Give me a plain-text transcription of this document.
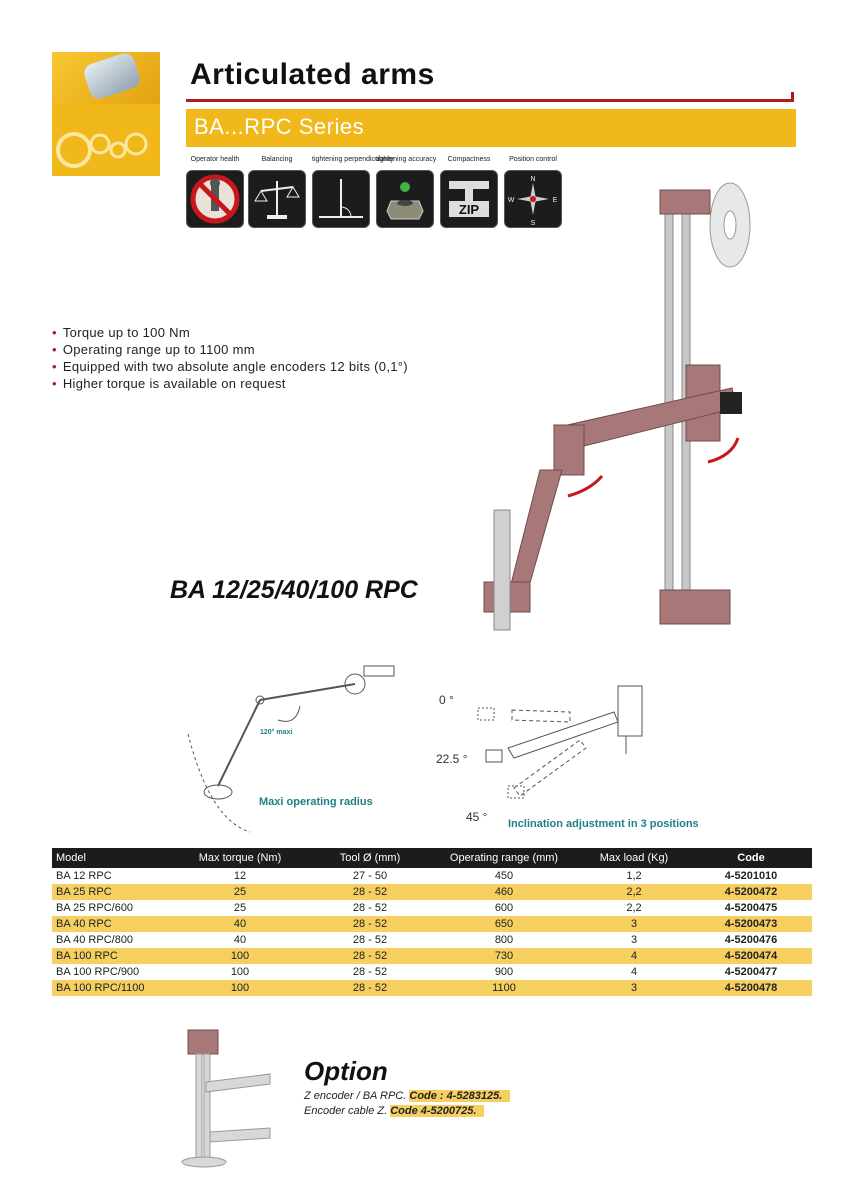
Articulated arms
BA...RPC Series
Operator health	Balancing	tightening perpendicularity
tightening accuracy	Compactness
ZIP
Position control
N
S
W	E
• Torque up to 100 Nm
• Operating range up to 1100 mm
• Equipped with two absolute angle encoders 12 bits (0,1°)
• Higher torque is available on request
BA 12/25/40/100 RPC
120° maxi
Maxi operating radius
0 °
22.5 °
45 ° Inclination adjustment in 3 positions
Model	Max torque (Nm)	Tool Ø (mm)	Operating range (mm)	Max load (Kg)	Code
BA 12 RPC	12	27 - 50	450	1,2	4-5201010
BA 25 RPC	25	28 - 52	460	2,2	4-5200472
BA 25 RPC/600	25	28 - 52	600	2,2	4-5200475
BA 40 RPC	40	28 - 52	650	3	4-5200473
BA 40 RPC/800	40	28 - 52	800	3	4-5200476
BA 100 RPC	100	28 - 52	730	4	4-5200474
BA 100 RPC/900	100	28 - 52	900	4	4-5200477
BA 100 RPC/1100	100	28 - 52	1100	3	4-5200478
Option
Z encoder / BA RPC. Code : 4-5283125.
Encoder cable Z. Code 4-5200725.
